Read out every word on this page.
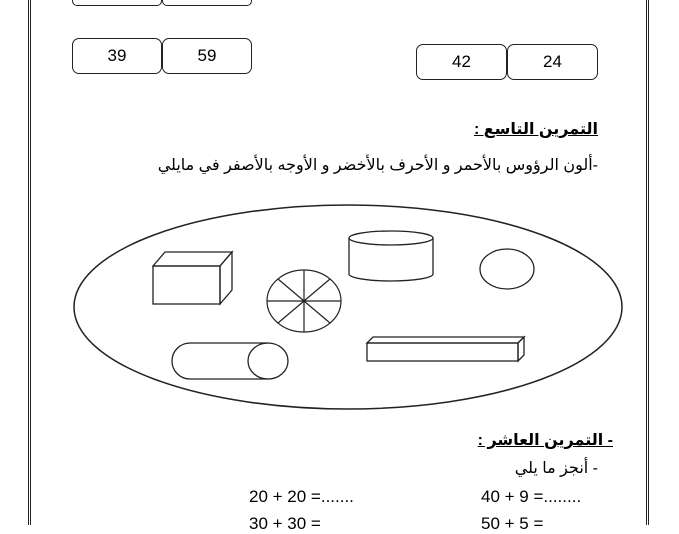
39	59	42	24
التمرين التاسع :
-ألون الرؤوس بالأحمر و الأحرف بالأخضر و الأوجه بالأصفر في مايلي
- التمرين العاشر :
- أنجز ما يلي
20 + 20 =.......	40 + 9 =........
30 + 30 =	50 + 5 =
